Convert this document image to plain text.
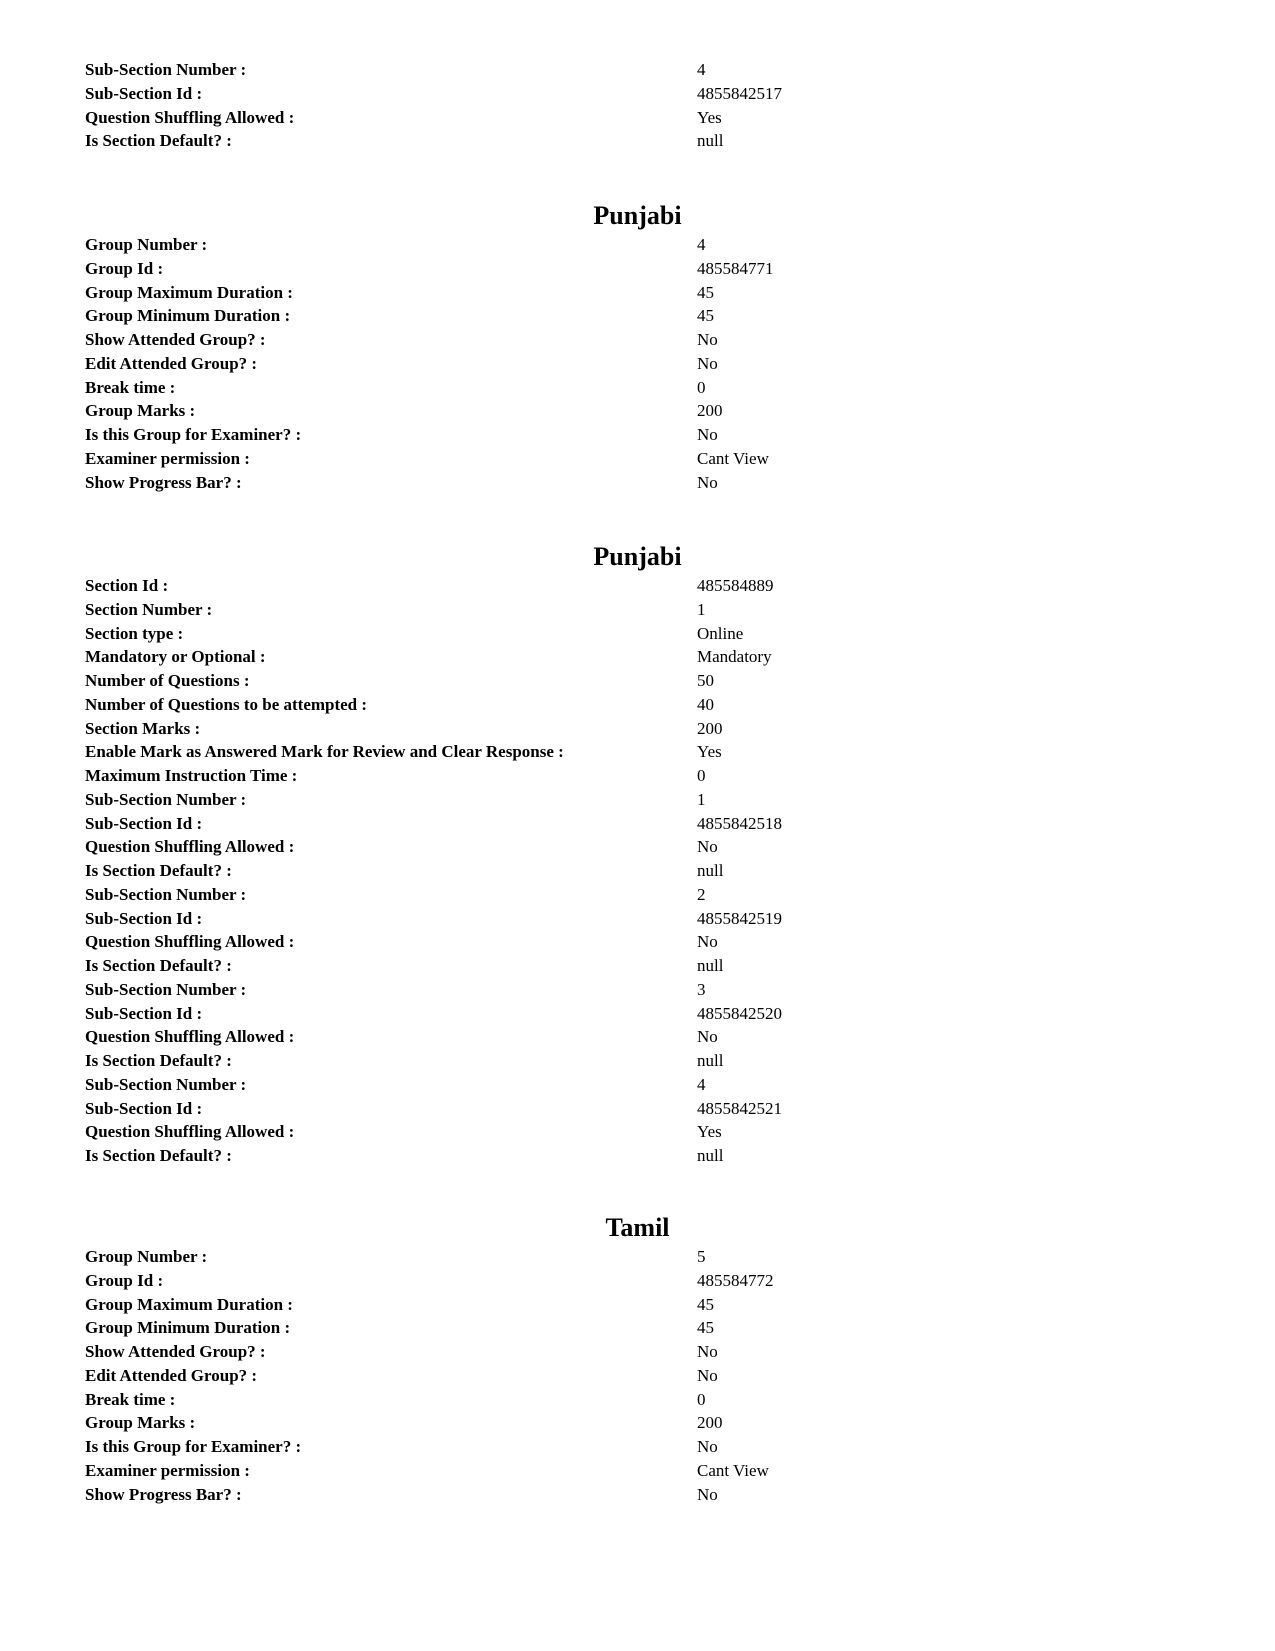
Sub-Section Number :	4
Sub-Section Id :	4855842517
Question Shuffling Allowed :	Yes
Is Section Default? :	null
Punjabi
Group Number :	4
Group Id :	485584771
Group Maximum Duration :	45
Group Minimum Duration :	45
Show Attended Group? :	No
Edit Attended Group? :	No
Break time :	0
Group Marks :	200
Is this Group for Examiner? :	No
Examiner permission :	Cant View
Show Progress Bar? :	No
Punjabi
Section Id :	485584889
Section Number :	1
Section type :	Online
Mandatory or Optional :	Mandatory
Number of Questions :	50
Number of Questions to be attempted :	40
Section Marks :	200
Enable Mark as Answered Mark for Review and Clear Response :	Yes
Maximum Instruction Time :	0
Sub-Section Number :	1
Sub-Section Id :	4855842518
Question Shuffling Allowed :	No
Is Section Default? :	null
Sub-Section Number :	2
Sub-Section Id :	4855842519
Question Shuffling Allowed :	No
Is Section Default? :	null
Sub-Section Number :	3
Sub-Section Id :	4855842520
Question Shuffling Allowed :	No
Is Section Default? :	null
Sub-Section Number :	4
Sub-Section Id :	4855842521
Question Shuffling Allowed :	Yes
Is Section Default? :	null
Tamil
Group Number :	5
Group Id :	485584772
Group Maximum Duration :	45
Group Minimum Duration :	45
Show Attended Group? :	No
Edit Attended Group? :	No
Break time :	0
Group Marks :	200
Is this Group for Examiner? :	No
Examiner permission :	Cant View
Show Progress Bar? :	No
